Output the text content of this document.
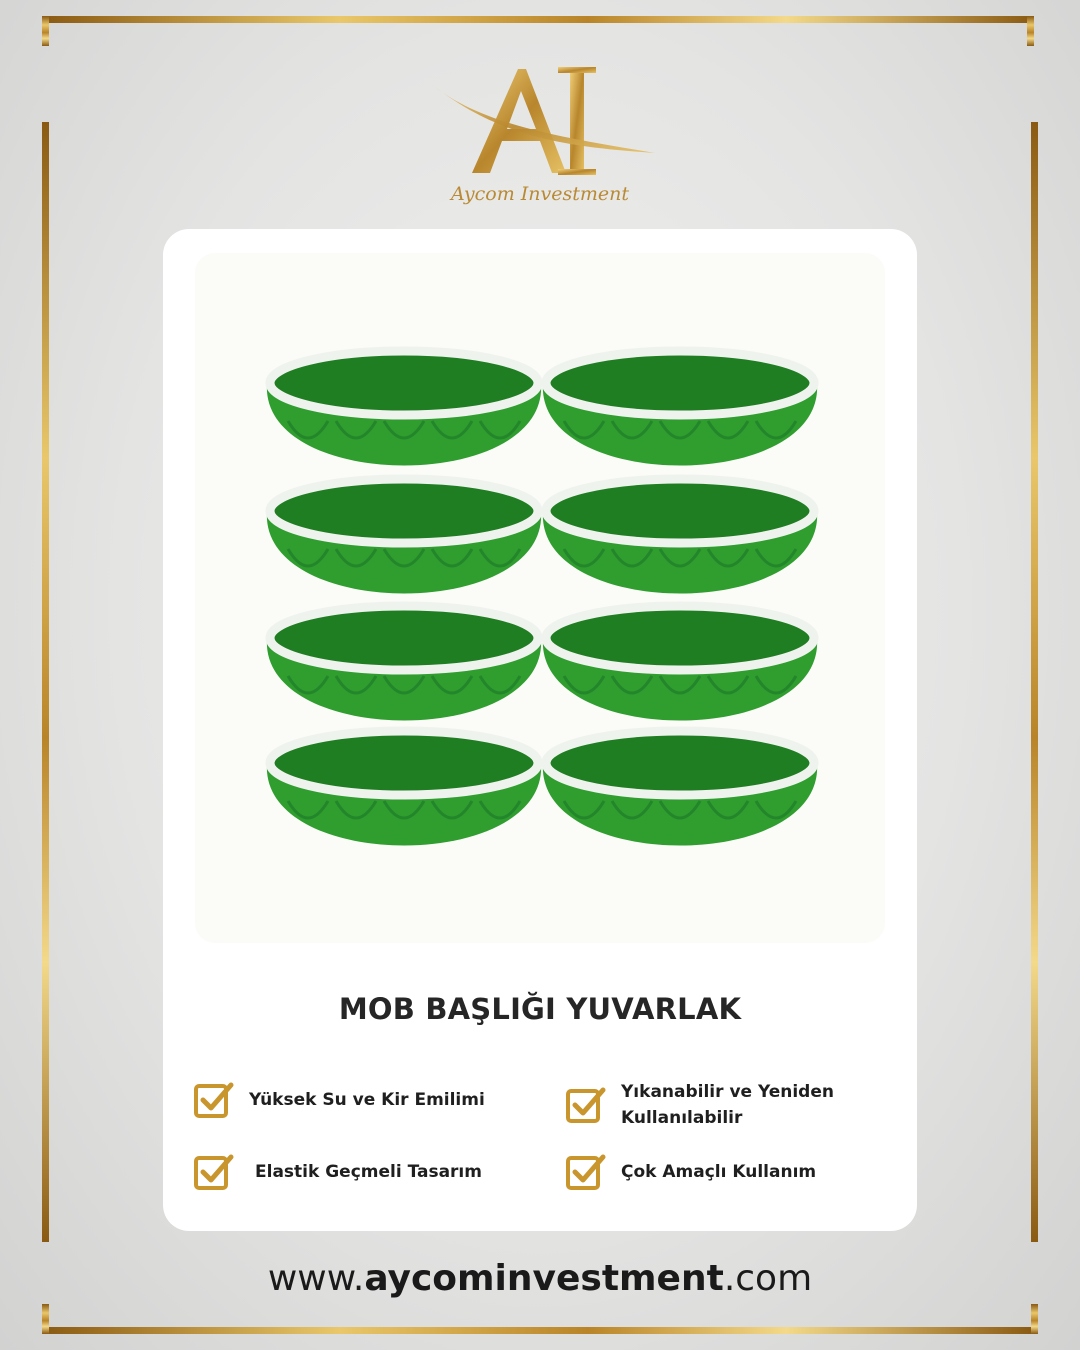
Aycom Investment
MOB BAŞLIĞI YUVARLAK
Yüksek Su ve Kir Emilimi	Yıkanabilir ve Yeniden Kullanılabilir
Elastik Geçmeli Tasarım	Çok Amaçlı Kullanım
www.aycominvestment.com
